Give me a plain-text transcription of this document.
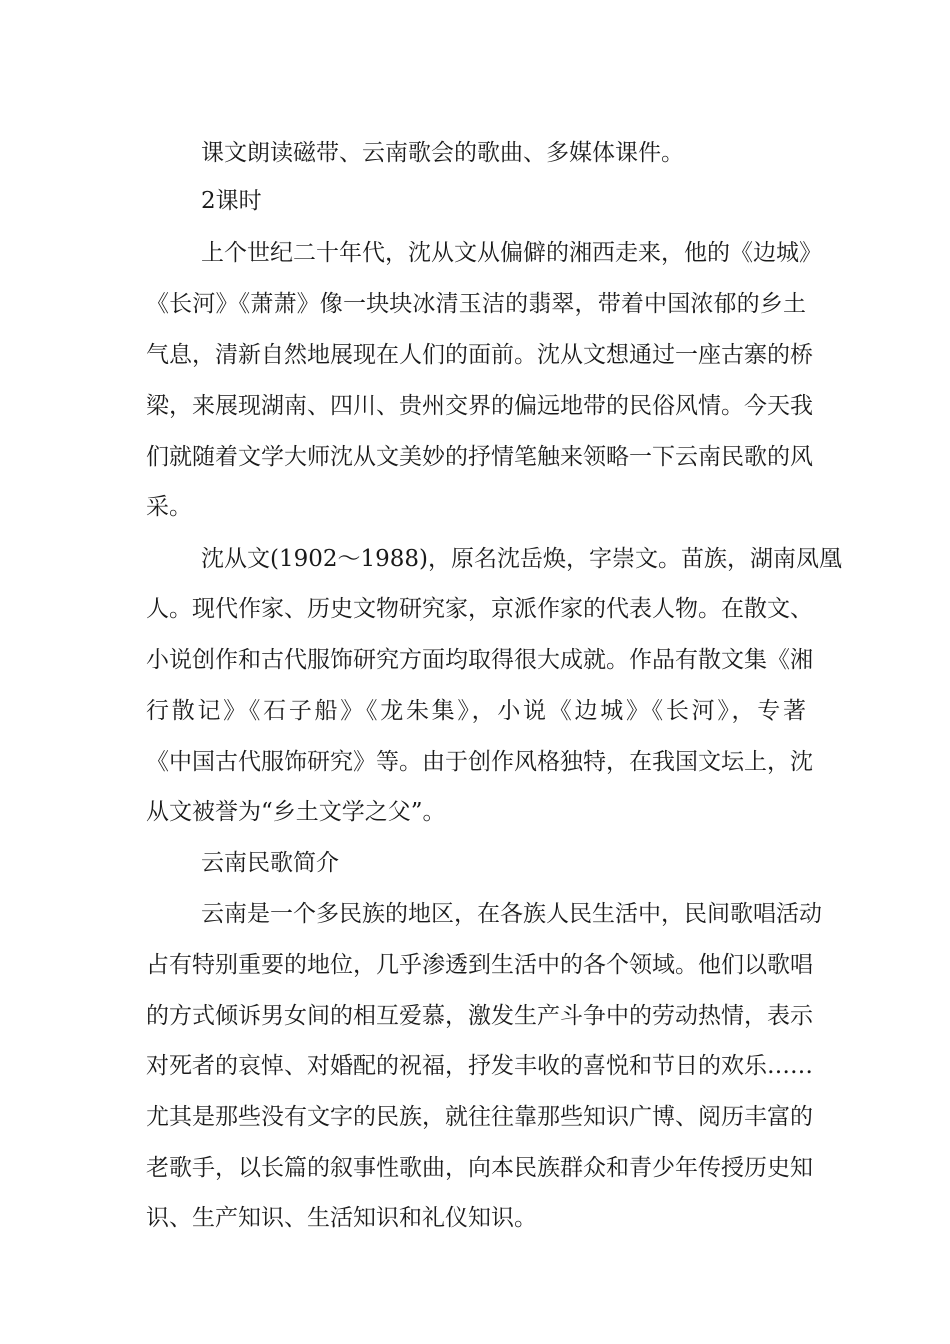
课文朗读磁带、云南歌会的歌曲、多媒体课件。
2课时
上个世纪二十年代，沈从文从偏僻的湘西走来，他的《边城》
《长河》《萧萧》像一块块冰清玉洁的翡翠，带着中国浓郁的乡土
气息，清新自然地展现在人们的面前。沈从文想通过一座古寨的桥
梁，来展现湖南、四川、贵州交界的偏远地带的民俗风情。今天我
们就随着文学大师沈从文美妙的抒情笔触来领略一下云南民歌的风
采。
沈从文(1902～1988)，原名沈岳焕，字崇文。苗族，湖南凤凰
人。现代作家、历史文物研究家，京派作家的代表人物。在散文、
小说创作和古代服饰研究方面均取得很大成就。作品有散文集《湘
行散记》《石子船》《龙朱集》，小说《边城》《长河》，专著
《中国古代服饰研究》等。由于创作风格独特，在我国文坛上，沈
从文被誉为“乡土文学之父”。
云南民歌简介
云南是一个多民族的地区，在各族人民生活中，民间歌唱活动
占有特别重要的地位，几乎渗透到生活中的各个领域。他们以歌唱
的方式倾诉男女间的相互爱慕，激发生产斗争中的劳动热情，表示
对死者的哀悼、对婚配的祝福，抒发丰收的喜悦和节日的欢乐……
尤其是那些没有文字的民族，就往往靠那些知识广博、阅历丰富的
老歌手，以长篇的叙事性歌曲，向本民族群众和青少年传授历史知
识、生产知识、生活知识和礼仪知识。
